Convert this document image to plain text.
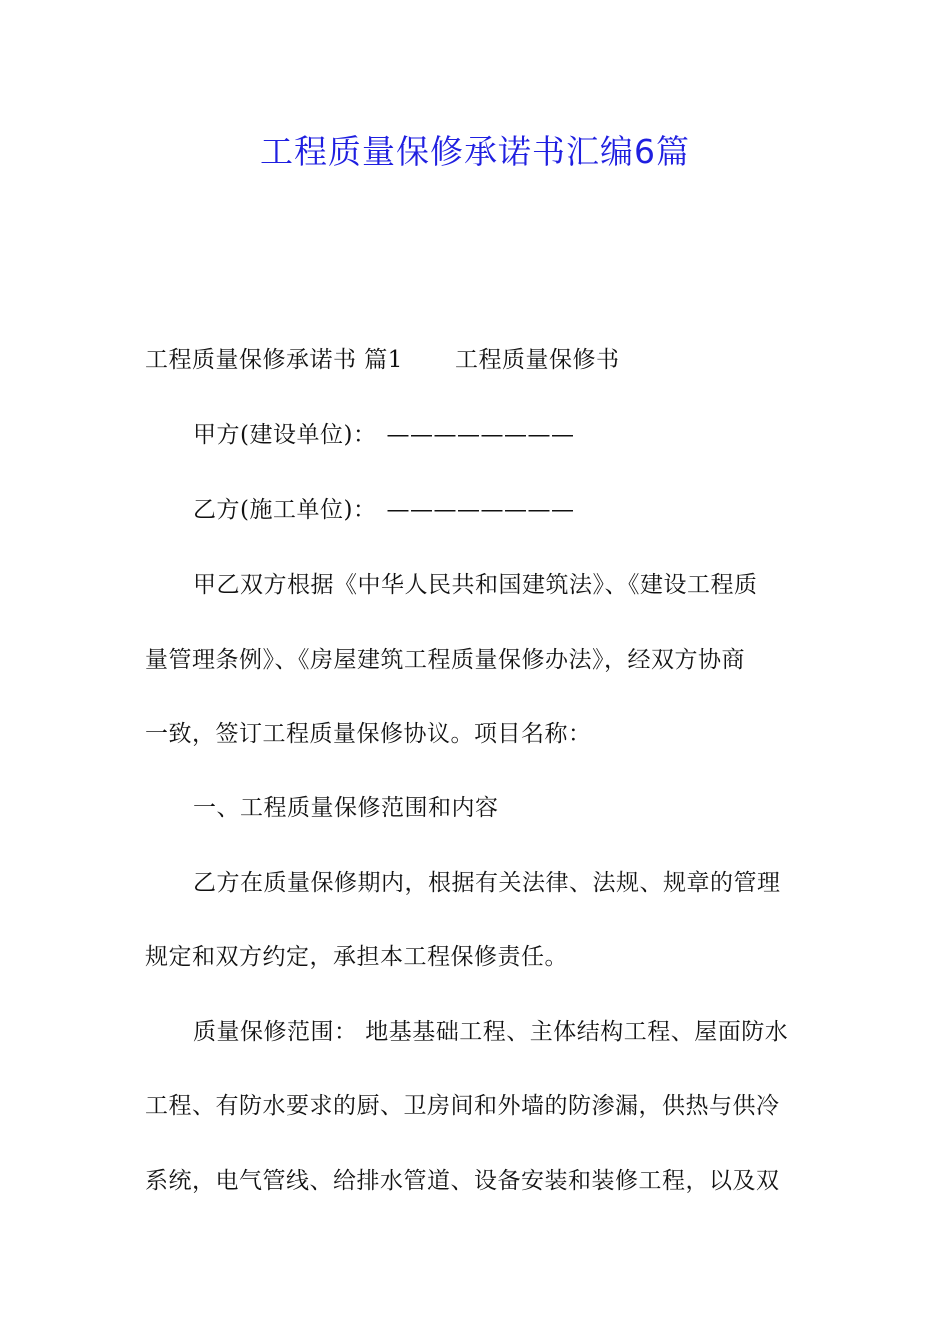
工程质量保修承诺书汇编6篇
工程质量保修承诺书 篇1 工程质量保修书
甲方(建设单位)： ————————
乙方(施工单位)： ————————
甲乙双方根据《中华人民共和国建筑法》、《建设工程质
量管理条例》、《房屋建筑工程质量保修办法》，经双方协商
一致，签订工程质量保修协议。项目名称：
一、工程质量保修范围和内容
乙方在质量保修期内，根据有关法律、法规、规章的管理
规定和双方约定，承担本工程保修责任。
质量保修范围： 地基基础工程、主体结构工程、屋面防水
工程、有防水要求的厨、卫房间和外墙的防渗漏，供热与供冷
系统，电气管线、给排水管道、设备安装和装修工程，以及双
